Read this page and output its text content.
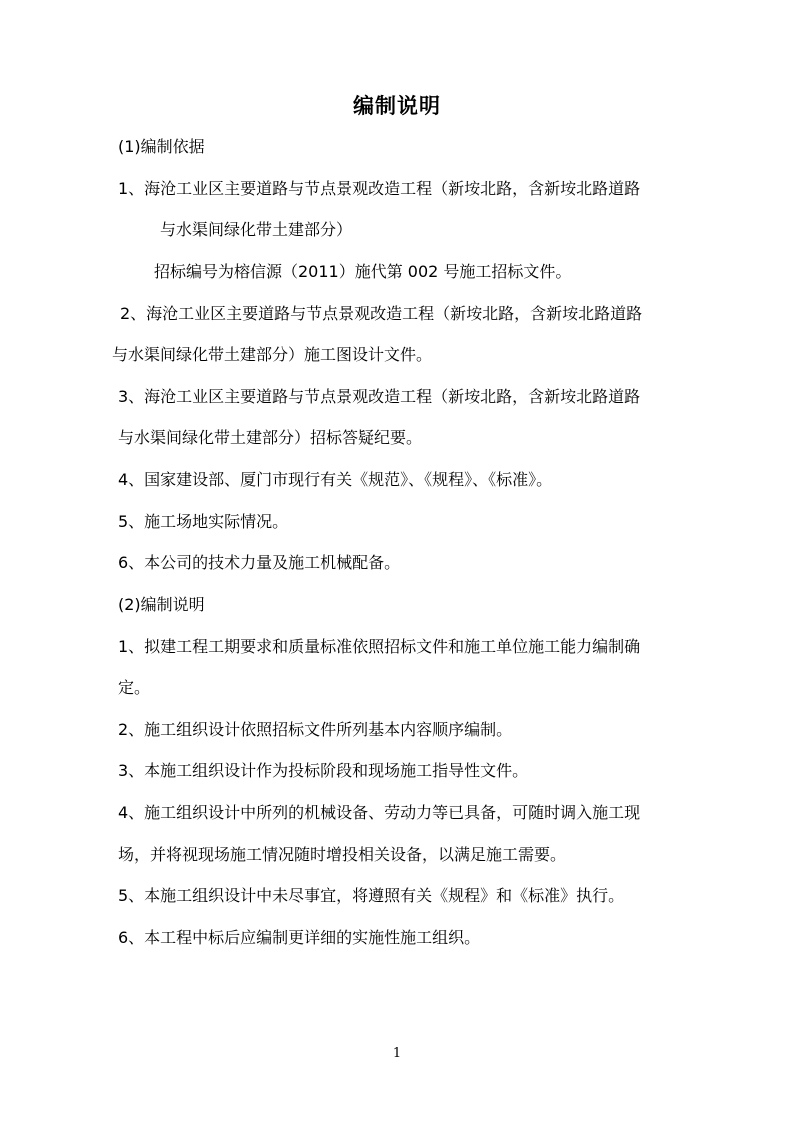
编制说明
(1)编制依据
1、海沧工业区主要道路与节点景观改造工程（新垵北路，含新垵北路道路
与水渠间绿化带土建部分）
招标编号为榕信源（2011）施代第 002 号施工招标文件。
2、海沧工业区主要道路与节点景观改造工程（新垵北路，含新垵北路道路
与水渠间绿化带土建部分）施工图设计文件。
3、海沧工业区主要道路与节点景观改造工程（新垵北路，含新垵北路道路
与水渠间绿化带土建部分）招标答疑纪要。
4、国家建设部、厦门市现行有关《规范》、《规程》、《标准》。
5、施工场地实际情况。
6、本公司的技术力量及施工机械配备。
(2)编制说明
1、拟建工程工期要求和质量标准依照招标文件和施工单位施工能力编制确
定。
2、施工组织设计依照招标文件所列基本内容顺序编制。
3、本施工组织设计作为投标阶段和现场施工指导性文件。
4、施工组织设计中所列的机械设备、劳动力等已具备，可随时调入施工现
场，并将视现场施工情况随时增投相关设备，以满足施工需要。
5、本施工组织设计中未尽事宜，将遵照有关《规程》和《标准》执行。
6、本工程中标后应编制更详细的实施性施工组织。
1
